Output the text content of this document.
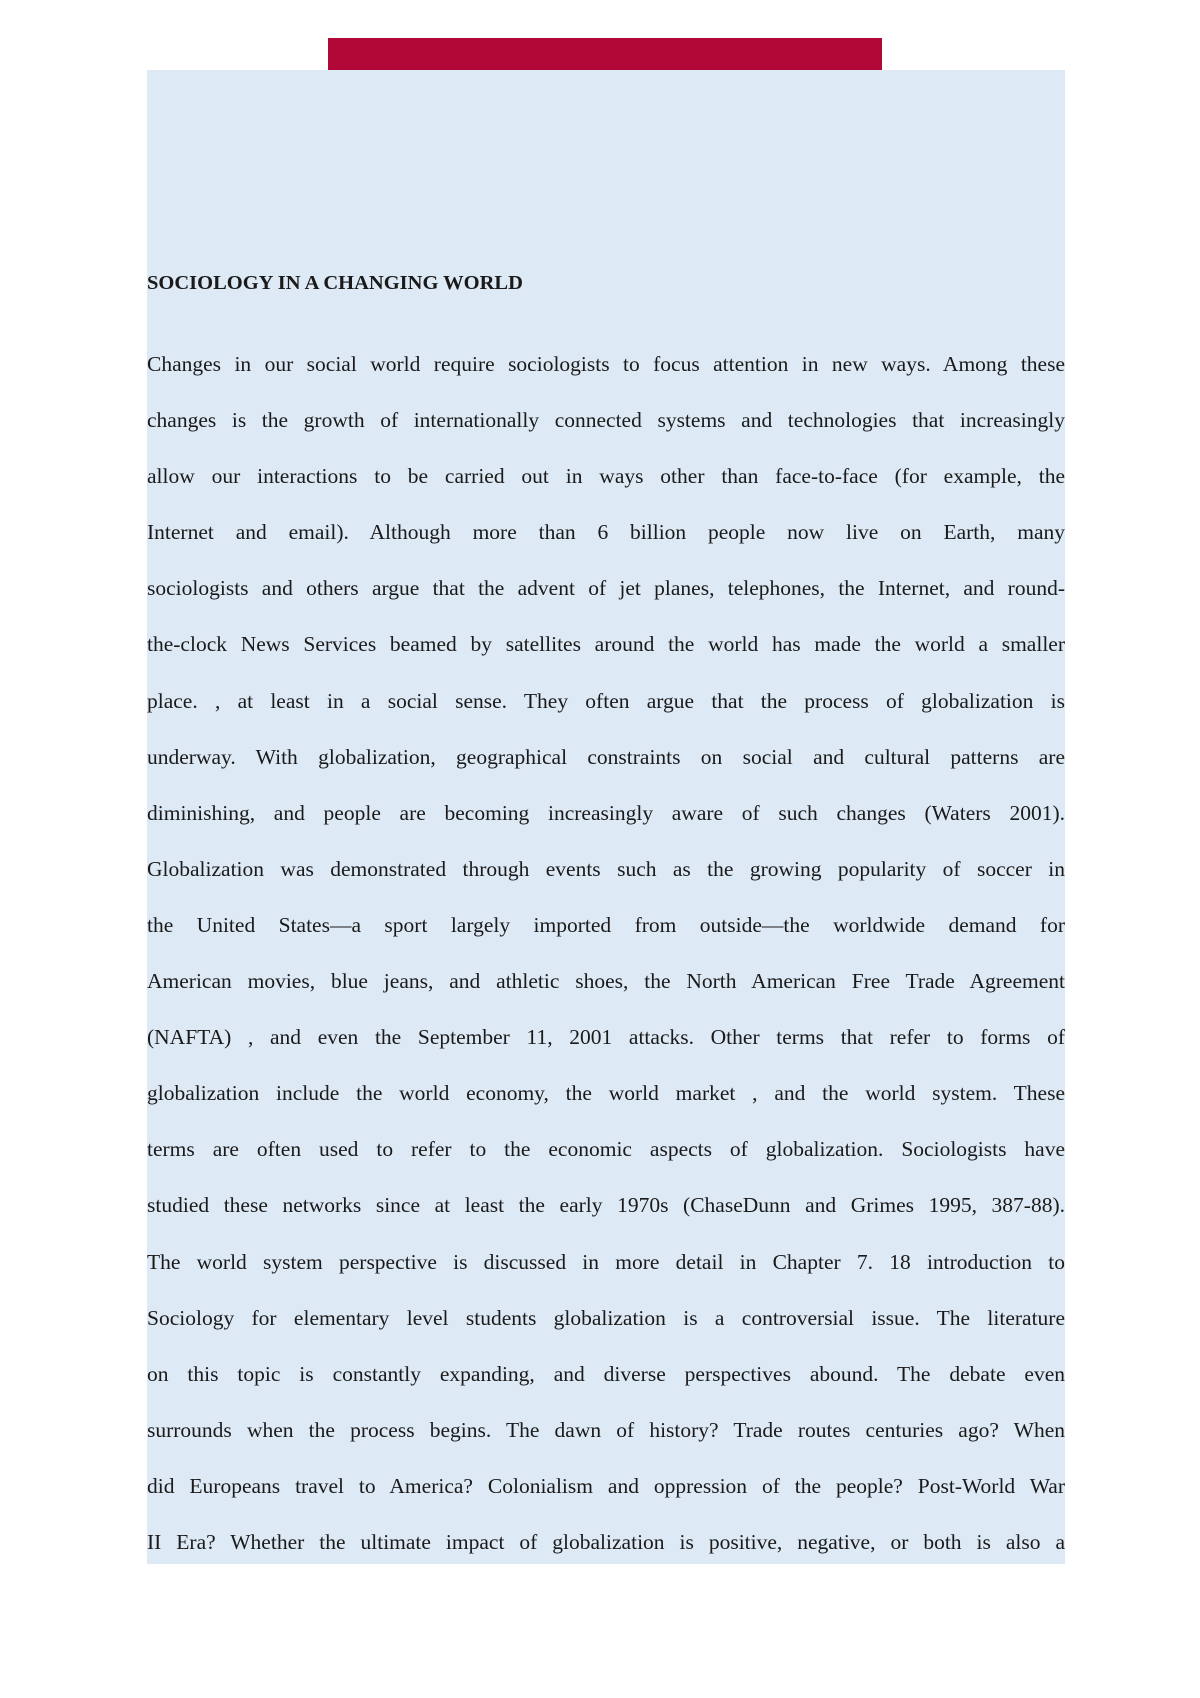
SOCIOLOGY IN A CHANGING WORLD
Changes in our social world require sociologists to focus attention in new ways. Among these
changes is the growth of internationally connected systems and technologies that increasingly
allow our interactions to be carried out in ways other than face-to-face (for example, the
Internet and email). Although more than 6 billion people now live on Earth, many
sociologists and others argue that the advent of jet planes, telephones, the Internet, and round-
the-clock News Services beamed by satellites around the world has made the world a smaller
place. , at least in a social sense. They often argue that the process of globalization is
underway. With globalization, geographical constraints on social and cultural patterns are
diminishing, and people are becoming increasingly aware of such changes (Waters 2001).
Globalization was demonstrated through events such as the growing popularity of soccer in
the United States—a sport largely imported from outside—the worldwide demand for
American movies, blue jeans, and athletic shoes, the North American Free Trade Agreement
(NAFTA) , and even the September 11, 2001 attacks. Other terms that refer to forms of
globalization include the world economy, the world market , and the world system. These
terms are often used to refer to the economic aspects of globalization. Sociologists have
studied these networks since at least the early 1970s (ChaseDunn and Grimes 1995, 387-88).
The world system perspective is discussed in more detail in Chapter 7. 18 introduction to
Sociology for elementary level students globalization is a controversial issue. The literature
on this topic is constantly expanding, and diverse perspectives abound. The debate even
surrounds when the process begins. The dawn of history? Trade routes centuries ago? When
did Europeans travel to America? Colonialism and oppression of the people? Post-World War
II Era? Whether the ultimate impact of globalization is positive, negative, or both is also a
